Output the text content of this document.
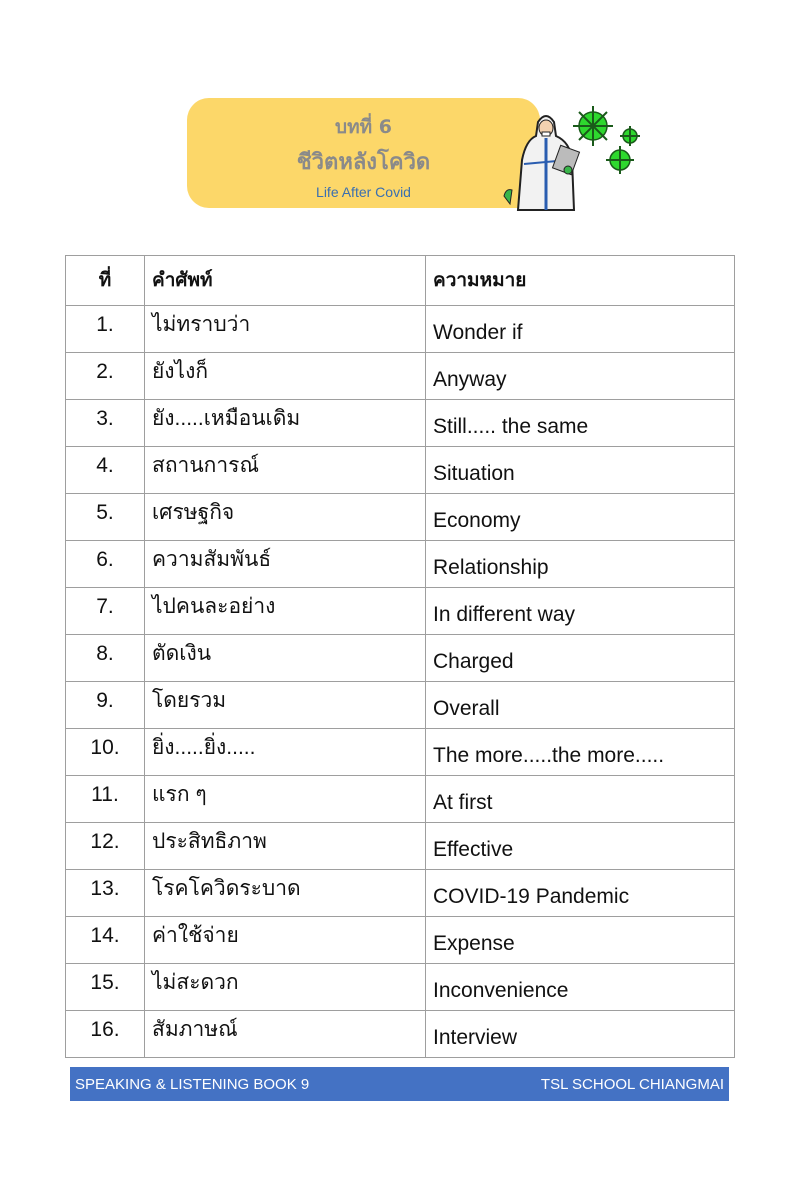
บทที่ 6
ชีวิตหลังโควิด
Life After Covid
ที่	คำศัพท์	ความหมาย
1.	ไม่ทราบว่า	Wonder if
2.	ยังไงก็	Anyway
3.	ยัง.....เหมือนเดิม	Still..... the same
4.	สถานการณ์	Situation
5.	เศรษฐกิจ	Economy
6.	ความสัมพันธ์	Relationship
7.	ไปคนละอย่าง	In different way
8.	ตัดเงิน	Charged
9.	โดยรวม	Overall
10.	ยิ่ง.....ยิ่ง.....	The more.....the more.....
11.	แรก ๆ	At first
12.	ประสิทธิภาพ	Effective
13.	โรคโควิดระบาด	COVID-19 Pandemic
14.	ค่าใช้จ่าย	Expense
15.	ไม่สะดวก	Inconvenience
16.	สัมภาษณ์	Interview
SPEAKING & LISTENING BOOK 9	TSL SCHOOL CHIANGMAI
